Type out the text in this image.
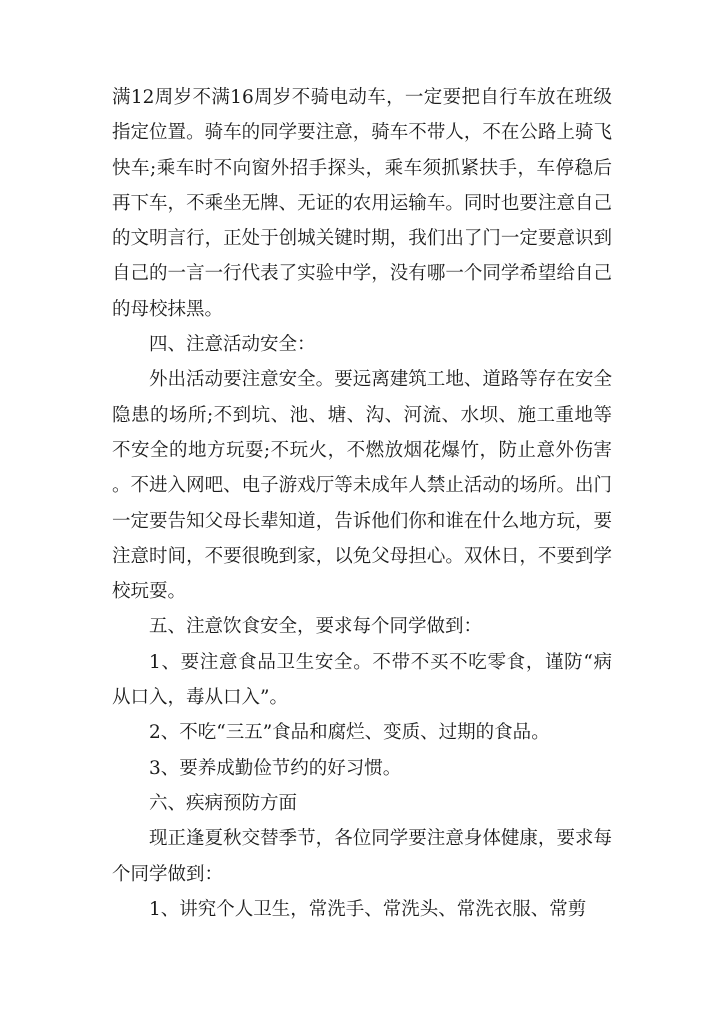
满12周岁不满16周岁不骑电动车，一定要把自行车放在班级指定位置。骑车的同学要注意，骑车不带人，不在公路上骑飞快车;乘车时不向窗外招手探头，乘车须抓紧扶手，车停稳后再下车，不乘坐无牌、无证的农用运输车。同时也要注意自己的文明言行，正处于创城关键时期，我们出了门一定要意识到自己的一言一行代表了实验中学，没有哪一个同学希望给自己的母校抹黑。

四、注意活动安全：

外出活动要注意安全。要远离建筑工地、道路等存在安全隐患的场所;不到坑、池、塘、沟、河流、水坝、施工重地等不安全的地方玩耍;不玩火，不燃放烟花爆竹，防止意外伤害。不进入网吧、电子游戏厅等未成年人禁止活动的场所。出门一定要告知父母长辈知道，告诉他们你和谁在什么地方玩，要注意时间，不要很晚到家，以免父母担心。双休日，不要到学校玩耍。

五、注意饮食安全，要求每个同学做到：

1、要注意食品卫生安全。不带不买不吃零食，谨防“病从口入，毒从口入”。

2、不吃“三五”食品和腐烂、变质、过期的食品。

3、要养成勤俭节约的好习惯。

六、疾病预防方面

现正逢夏秋交替季节，各位同学要注意身体健康，要求每个同学做到：

1、讲究个人卫生，常洗手、常洗头、常洗衣服、常剪
